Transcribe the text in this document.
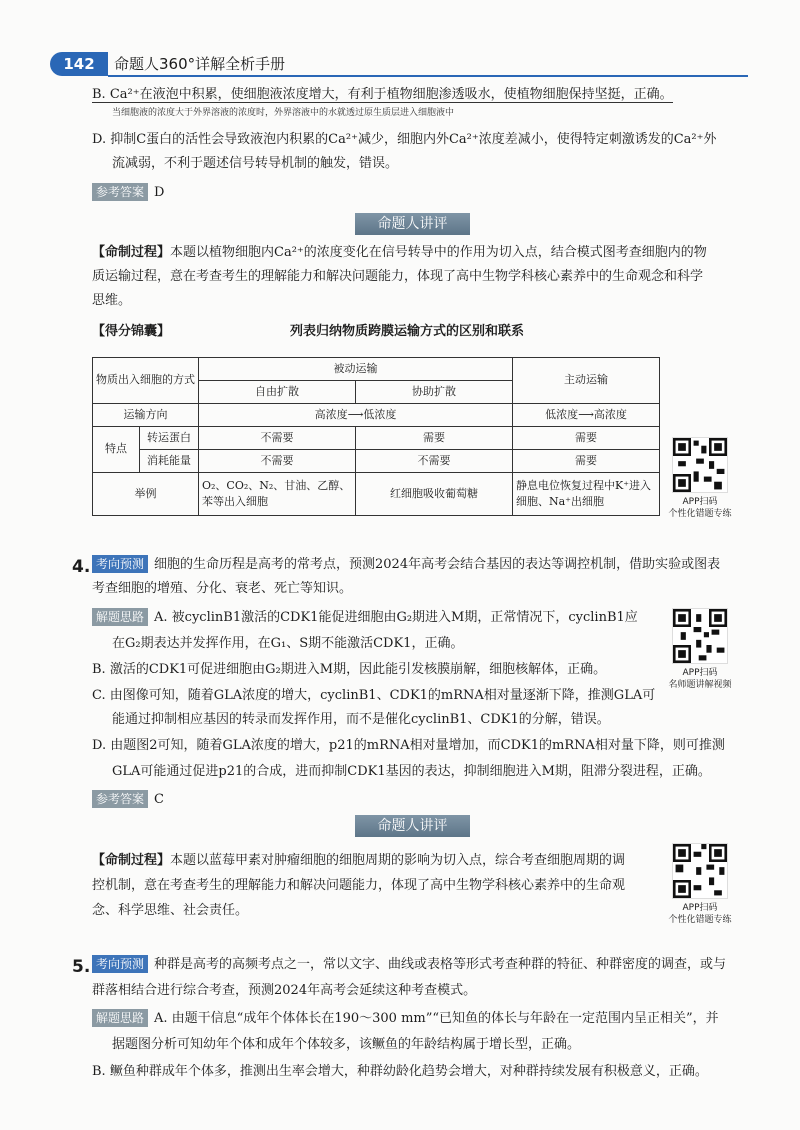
142	命题人360°详解全析手册
B. Ca²⁺在液泡中积累，使细胞液浓度增大，有利于植物细胞渗透吸水，使植物细胞保持坚挺，正确。
当细胞液的浓度大于外界溶液的浓度时，外界溶液中的水就透过原生质层进入细胞液中
D. 抑制C蛋白的活性会导致液泡内积累的Ca²⁺减少，细胞内外Ca²⁺浓度差减小，使得特定刺激诱发的Ca²⁺外
流减弱，不利于题述信号转导机制的触发，错误。
参考答案 D
命题人讲评
【命制过程】本题以植物细胞内Ca²⁺的浓度变化在信号转导中的作用为切入点，结合模式图考查细胞内的物
质运输过程，意在考查考生的理解能力和解决问题能力，体现了高中生物学科核心素养中的生命观念和科学
思维。
【得分锦囊】	列表归纳物质跨膜运输方式的区别和联系
物质出入细胞的方式		被动运输		主动运输
		自由扩散	协助扩散	
运输方向		高浓度⟶低浓度		低浓度⟶高浓度
特点	转运蛋白	不需要	需要	需要
	消耗能量	不需要	不需要	需要
举例		O₂、CO₂、N₂、甘油、乙醇、苯等出入细胞	红细胞吸收葡萄糖	静息电位恢复过程中K⁺进入细胞、Na⁺出细胞	APP扫码
个性化错题专练
4. 考向预测 细胞的生命历程是高考的常考点，预测2024年高考会结合基因的表达等调控机制，借助实验或图表
考查细胞的增殖、分化、衰老、死亡等知识。
解题思路 A. 被cyclinB1激活的CDK1能促进细胞由G₂期进入M期，正常情况下，cyclinB1应
在G₂期表达并发挥作用，在G₁、S期不能激活CDK1，正确。
B. 激活的CDK1可促进细胞由G₂期进入M期，因此能引发核膜崩解，细胞核解体，正确。
C. 由图像可知，随着GLA浓度的增大，cyclinB1、CDK1的mRNA相对量逐渐下降，推测GLA可
能通过抑制相应基因的转录而发挥作用，而不是催化cyclinB1、CDK1的分解，错误。
D. 由题图2可知，随着GLA浓度的增大，p21的mRNA相对量增加，而CDK1的mRNA相对量下降，则可推测
GLA可能通过促进p21的合成，进而抑制CDK1基因的表达，抑制细胞进入M期，阻滞分裂进程，正确。
参考答案 C
APP扫码
名师题讲解视频
命题人讲评
【命制过程】本题以蓝莓甲素对肿瘤细胞的细胞周期的影响为切入点，综合考查细胞周期的调
控机制，意在考查考生的理解能力和解决问题能力，体现了高中生物学科核心素养中的生命观
念、科学思维、社会责任。	APP扫码
个性化错题专练
5. 考向预测 种群是高考的高频考点之一，常以文字、曲线或表格等形式考查种群的特征、种群密度的调查，或与
群落相结合进行综合考查，预测2024年高考会延续这种考查模式。
解题思路 A. 由题干信息“成年个体体长在190～300 mm”“已知鱼的体长与年龄在一定范围内呈正相关”，并
据题图分析可知幼年个体和成年个体较多，该鳜鱼的年龄结构属于增长型，正确。
B. 鳜鱼种群成年个体多，推测出生率会增大，种群幼龄化趋势会增大，对种群持续发展有积极意义，正确。
